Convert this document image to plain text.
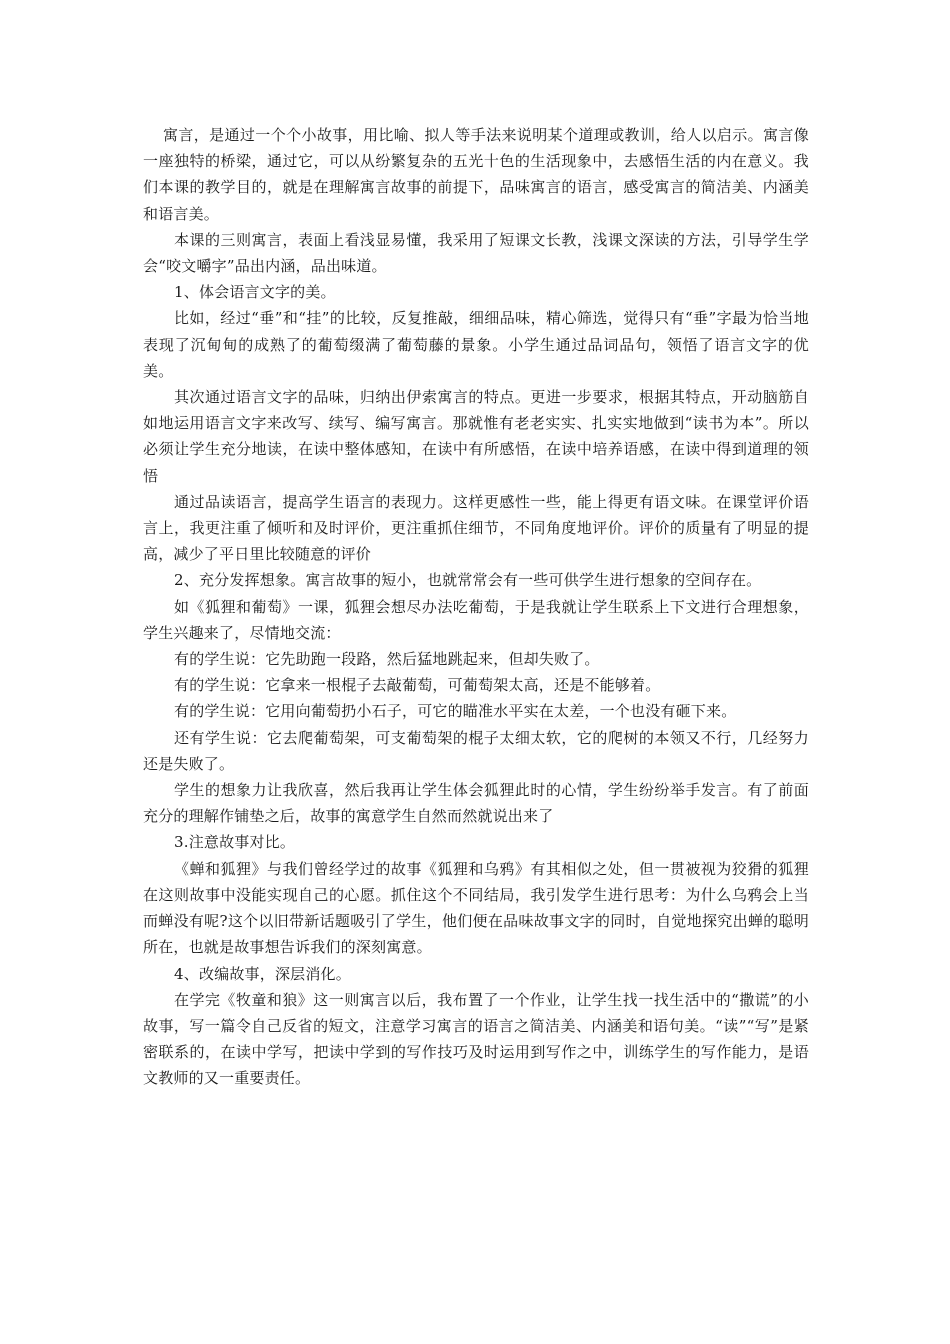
寓言，是通过一个个小故事，用比喻、拟人等手法来说明某个道理或教训，给人以启示。寓言像一座独特的桥梁，通过它，可以从纷繁复杂的五光十色的生活现象中，去感悟生活的内在意义。我们本课的教学目的，就是在理解寓言故事的前提下，品味寓言的语言，感受寓言的简洁美、内涵美和语言美。

本课的三则寓言，表面上看浅显易懂，我采用了短课文长教，浅课文深读的方法，引导学生学会“咬文嚼字”品出内涵，品出味道。

1、体会语言文字的美。

比如，经过“垂”和“挂”的比较，反复推敲，细细品味，精心筛选，觉得只有“垂”字最为恰当地表现了沉甸甸的成熟了的葡萄缀满了葡萄藤的景象。小学生通过品词品句，领悟了语言文字的优美。

其次通过语言文字的品味，归纳出伊索寓言的特点。更进一步要求，根据其特点，开动脑筋自如地运用语言文字来改写、续写、编写寓言。那就惟有老老实实、扎实实地做到“读书为本”。所以必须让学生充分地读，在读中整体感知，在读中有所感悟，在读中培养语感，在读中得到道理的领悟

通过品读语言，提高学生语言的表现力。这样更感性一些，能上得更有语文味。在课堂评价语言上，我更注重了倾听和及时评价，更注重抓住细节，不同角度地评价。评价的质量有了明显的提高，减少了平日里比较随意的评价

2、充分发挥想象。寓言故事的短小，也就常常会有一些可供学生进行想象的空间存在。

如《狐狸和葡萄》一课，狐狸会想尽办法吃葡萄，于是我就让学生联系上下文进行合理想象，学生兴趣来了，尽情地交流：

有的学生说：它先助跑一段路，然后猛地跳起来，但却失败了。

有的学生说：它拿来一根棍子去敲葡萄，可葡萄架太高，还是不能够着。

有的学生说：它用向葡萄扔小石子，可它的瞄准水平实在太差，一个也没有砸下来。

还有学生说：它去爬葡萄架，可支葡萄架的棍子太细太软，它的爬树的本领又不行，几经努力还是失败了。

学生的想象力让我欣喜，然后我再让学生体会狐狸此时的心情，学生纷纷举手发言。有了前面充分的理解作铺垫之后，故事的寓意学生自然而然就说出来了

3.注意故事对比。

《蝉和狐狸》与我们曾经学过的故事《狐狸和乌鸦》有其相似之处，但一贯被视为狡猾的狐狸在这则故事中没能实现自己的心愿。抓住这个不同结局，我引发学生进行思考：为什么乌鸦会上当而蝉没有呢?这个以旧带新话题吸引了学生，他们便在品味故事文字的同时，自觉地探究出蝉的聪明所在，也就是故事想告诉我们的深刻寓意。

4、改编故事，深层消化。

在学完《牧童和狼》这一则寓言以后，我布置了一个作业，让学生找一找生活中的“撒谎”的小故事，写一篇令自己反省的短文，注意学习寓言的语言之简洁美、内涵美和语句美。“读”“写”是紧密联系的，在读中学写，把读中学到的写作技巧及时运用到写作之中，训练学生的写作能力，是语文教师的又一重要责任。
